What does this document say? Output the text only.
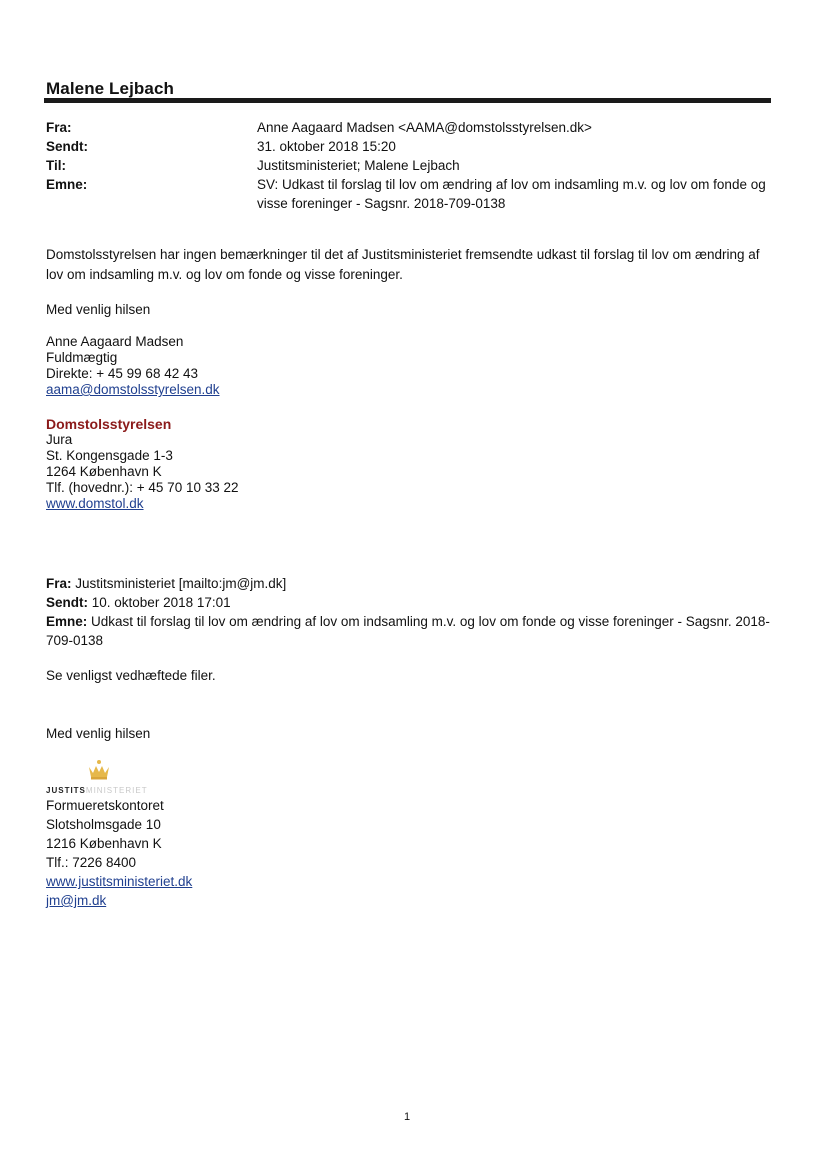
Malene Lejbach
Fra:	Anne Aagaard Madsen <AAMA@domstolsstyrelsen.dk>
Sendt:	31. oktober 2018 15:20
Til:	Justitsministeriet; Malene Lejbach
Emne:	SV: Udkast til forslag til lov om ændring af lov om indsamling m.v. og lov om fonde og visse foreninger - Sagsnr. 2018-709-0138
Domstolsstyrelsen har ingen bemærkninger til det af Justitsministeriet fremsendte udkast til forslag til lov om ændring af lov om indsamling m.v. og lov om fonde og visse foreninger.
Med venlig hilsen
Anne Aagaard Madsen
Fuldmægtig
Direkte: + 45 99 68 42 43
aama@domstolsstyrelsen.dk
Domstolsstyrelsen
Jura
St. Kongensgade 1-3
1264 København K
Tlf. (hovednr.): + 45 70 10 33 22
www.domstol.dk
Fra: Justitsministeriet [mailto:jm@jm.dk]
Sendt: 10. oktober 2018 17:01
Emne: Udkast til forslag til lov om ændring af lov om indsamling m.v. og lov om fonde og visse foreninger - Sagsnr. 2018-709-0138
Se venligst vedhæftede filer.
Med venlig hilsen
JUSTITSMINISTERIET
Formueretskontoret
Slotsholmsgade 10
1216 København K
Tlf.: 7226 8400
www.justitsministeriet.dk
jm@jm.dk
1
